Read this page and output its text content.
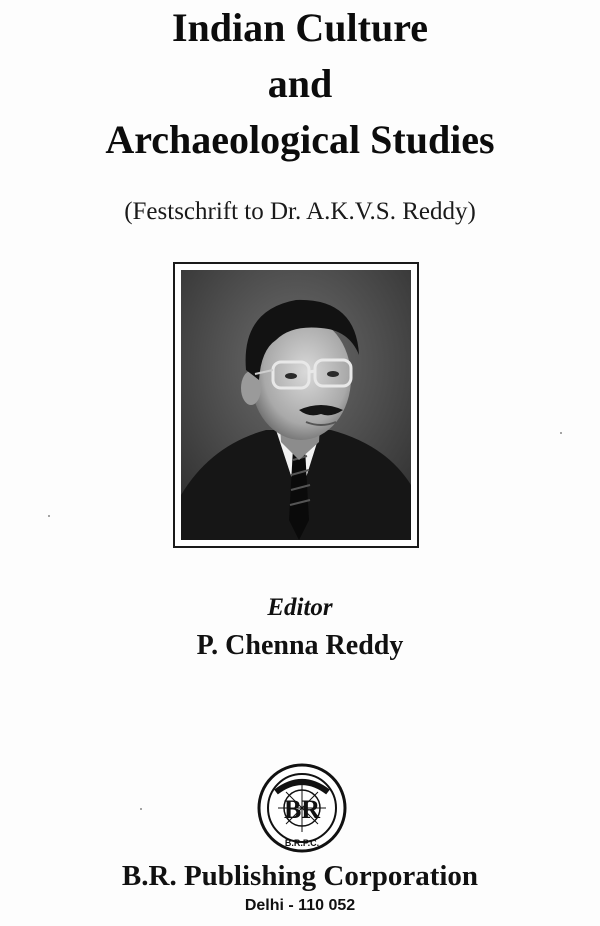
Indian Culture
and
Archaeological Studies
(Festschrift to Dr. A.K.V.S. Reddy)
Editor
P. Chenna Reddy
BR
B.R.P.C.
B.R. Publishing Corporation
Delhi - 110 052
